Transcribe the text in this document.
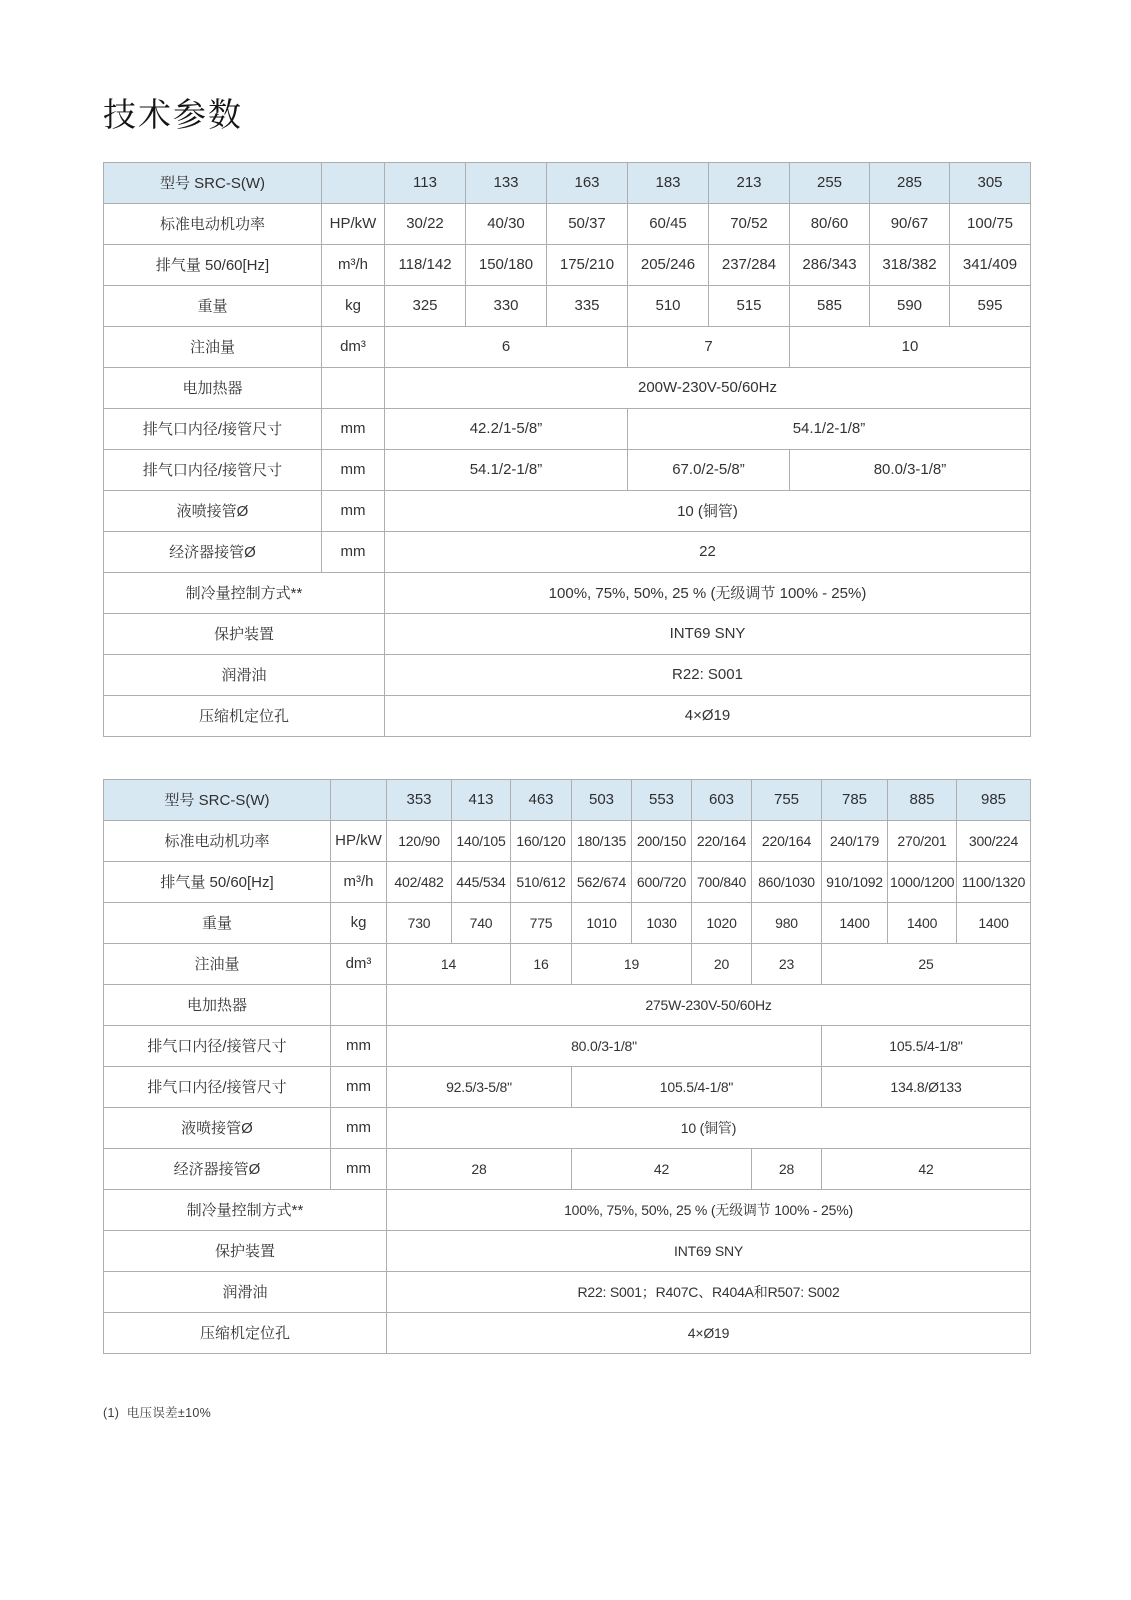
技术参数
型号 SRC-S(W)		113	133	163	183	213	255	285	305
标准电动机功率	HP/kW	30/22	40/30	50/37	60/45	70/52	80/60	90/67	100/75
排气量 50/60[Hz]	m³/h	118/142	150/180	175/210	205/246	237/284	286/343	318/382	341/409
重量	kg	325	330	335	510	515	585	590	595
注油量	dm³	6			7		10		
电加热器		200W-230V-50/60Hz							
排气口内径/接管尺寸	mm	42.2/1-5/8”			54.1/2-1/8”				
排气口内径/接管尺寸	mm	54.1/2-1/8”			67.0/2-5/8”		80.0/3-1/8”		
液喷接管Ø	mm	10 (铜管)							
经济器接管Ø	mm	22							
制冷量控制方式**		100%, 75%, 50%, 25 % (无级调节 100% - 25%)							
保护装置		INT69 SNY							
润滑油		R22: S001							
压缩机定位孔		4×Ø19							
型号 SRC-S(W)		353	413	463	503	553	603	755	785	885	985
标准电动机功率	HP/kW	120/90	140/105	160/120	180/135	200/150	220/164	220/164	240/179	270/201	300/224
排气量 50/60[Hz]	m³/h	402/482	445/534	510/612	562/674	600/720	700/840	860/1030	910/1092	1000/1200	1100/1320
重量	kg	730	740	775	1010	1030	1020	980	1400	1400	1400
注油量	dm³	14		16	19		20	23	25		
电加热器		275W-230V-50/60Hz									
排气口内径/接管尺寸	mm	80.0/3-1/8"							105.5/4-1/8"		
排气口内径/接管尺寸	mm	92.5/3-5/8"			105.5/4-1/8"				134.8/Ø133		
液喷接管Ø	mm	10 (铜管)									
经济器接管Ø	mm	28			42			28	42		
制冷量控制方式**		100%, 75%, 50%, 25 % (无级调节 100% - 25%)									
保护装置		INT69 SNY									
润滑油		R22: S001；R407C、R404A和R507: S002									
压缩机定位孔		4×Ø19									
(1)  电压误差±10%
